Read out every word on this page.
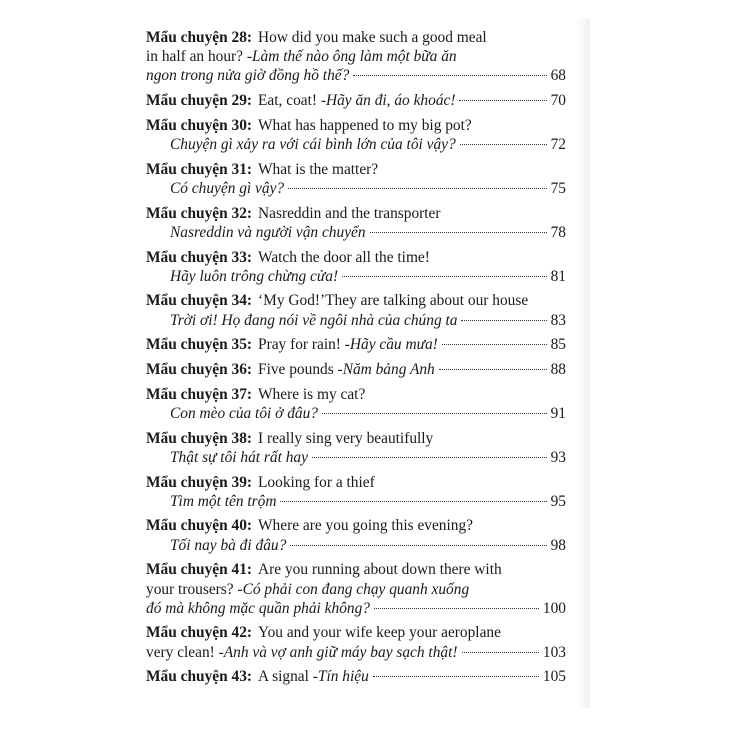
Mẩu chuyện 28: How did you make such a good meal
in half an hour? - Làm thế nào ông làm một bữa ăn
ngon trong nửa giờ đồng hồ thế?	68
Mẩu chuyện 29: Eat, coat! - Hãy ăn đi, áo khoác!	70
Mẩu chuyện 30: What has happened to my big pot?
Chuyện gì xảy ra với cái bình lớn của tôi vậy?	72
Mẩu chuyện 31: What is the matter?
Có chuyện gì vậy?	75
Mẩu chuyện 32: Nasreddin and the transporter
Nasreddin và người vận chuyển	78
Mẩu chuyện 33: Watch the door all the time!
Hãy luôn trông chừng cửa!	81
Mẩu chuyện 34: ‘My God!’They are talking about our house
Trời ơi! Họ đang nói về ngôi nhà của chúng ta	83
Mẩu chuyện 35: Pray for rain! - Hãy cầu mưa!	85
Mẩu chuyện 36: Five pounds - Năm bảng Anh	88
Mẩu chuyện 37: Where is my cat?
Con mèo của tôi ở đâu?	91
Mẩu chuyện 38: I really sing very beautifully
Thật sự tôi hát rất hay	93
Mẩu chuyện 39: Looking for a thief
Tìm một tên trộm	95
Mẩu chuyện 40: Where are you going this evening?
Tối nay bà đi đâu?	98
Mẩu chuyện 41: Are you running about down there with
your trousers? - Có phải con đang chạy quanh xuống
đó mà không mặc quần phải không?	100
Mẩu chuyện 42: You and your wife keep your aeroplane
very clean! - Anh và vợ anh giữ máy bay sạch thật!	103
Mẩu chuyện 43: A signal - Tín hiệu	105
